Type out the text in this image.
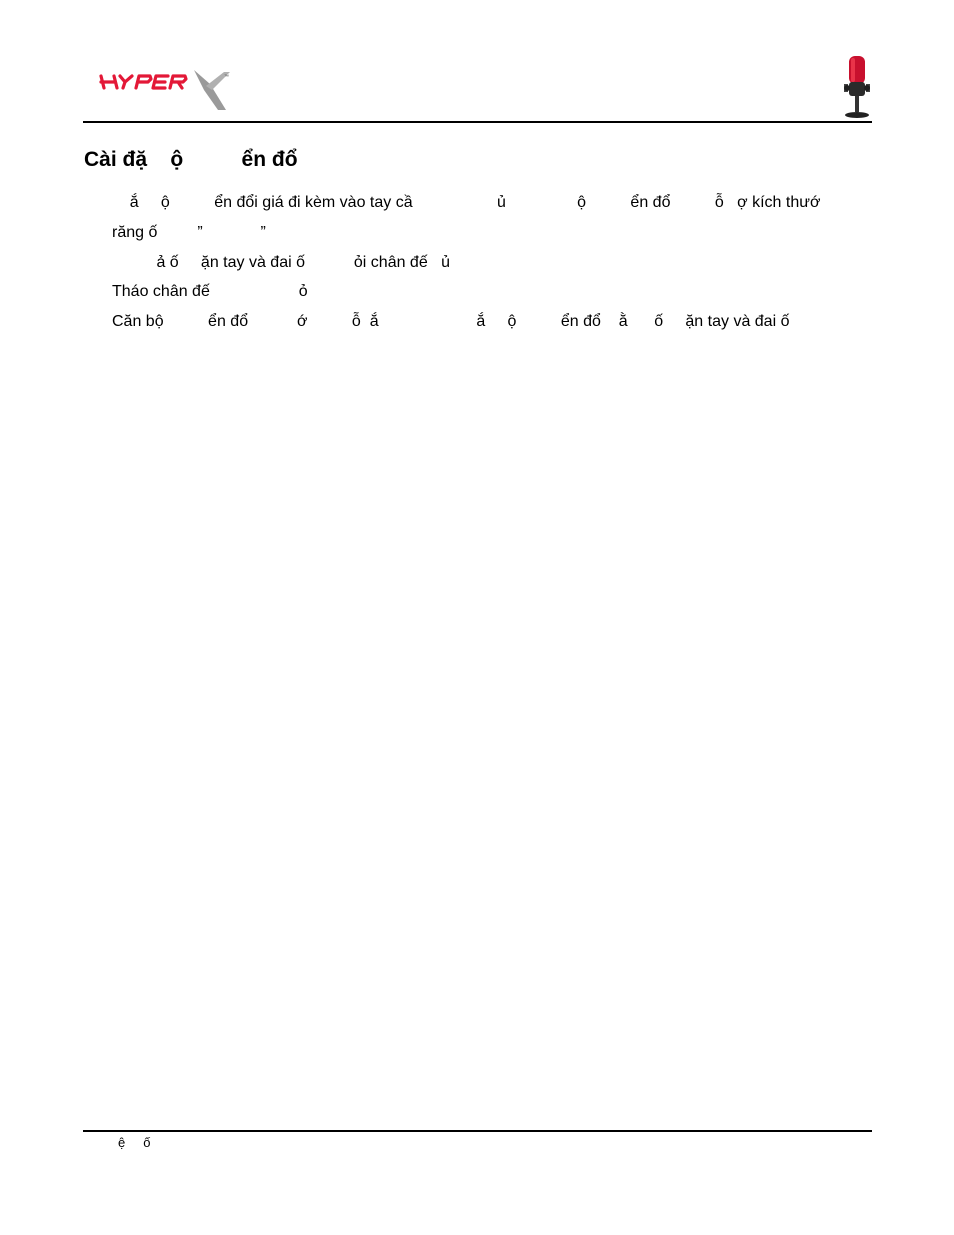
™
Cài đặ    ộ          ển đổ
ắ     ộ          ển đổi giá đi kèm vào tay cầ                   ủ                ộ          ển đổ          ỗ   ợ kích thướ
răng ố         ”             ”
ả ố     ặn tay và đai ố           ỏi chân đế   ủ
Tháo chân đế                    ỏ
Căn bộ          ển đổ           ớ          ỗ  ắ                      ắ     ộ          ển đổ    ằ      ố     ặn tay và đai ố
ệ     ố
